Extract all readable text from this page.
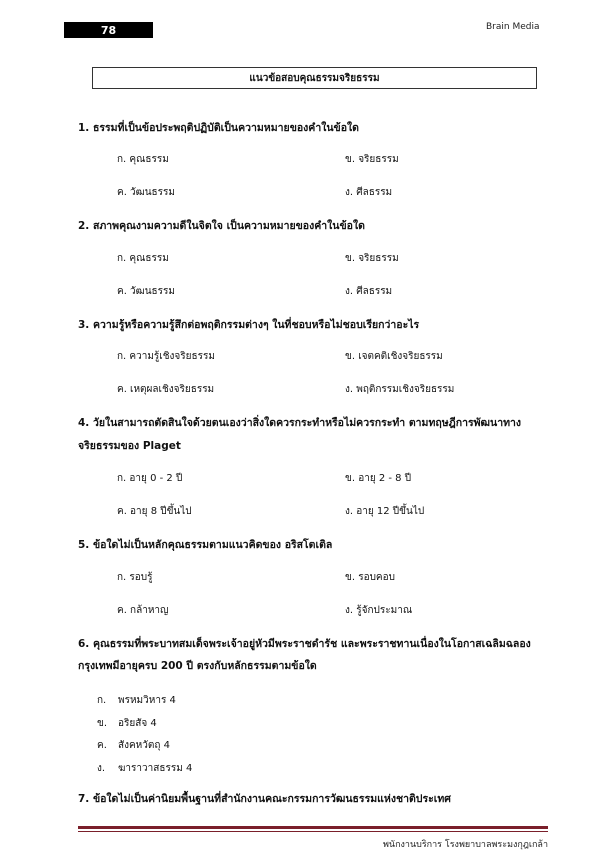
78	Brain Media
แนวข้อสอบคุณธรรมจริยธรรม
1. ธรรมที่เป็นข้อประพฤติปฏิบัติเป็นความหมายของคำในข้อใด
ก. คุณธรรม	ข. จริยธรรม
ค. วัฒนธรรม	ง. ศีลธรรม
2. สภาพคุณงามความดีในจิตใจ เป็นความหมายของคำในข้อใด
ก. คุณธรรม	ข. จริยธรรม
ค. วัฒนธรรม	ง. ศีลธรรม
3. ความรู้หรือความรู้สึกต่อพฤติกรรมต่างๆ ในที่ชอบหรือไม่ชอบเรียกว่าอะไร
ก. ความรู้เชิงจริยธรรม	ข. เจตคติเชิงจริยธรรม
ค. เหตุผลเชิงจริยธรรม	ง. พฤติกรรมเชิงจริยธรรม
4. วัยในสามารถตัดสินใจด้วยตนเองว่าสิ่งใดควรกระทำหรือไม่ควรกระทำ ตามทฤษฎีการพัฒนาทาง
จริยธรรมของ Plaget
ก. อายุ 0 - 2 ปี	ข. อายุ 2 - 8 ปี
ค. อายุ 8 ปีขึ้นไป	ง. อายุ 12 ปีขึ้นไป
5. ข้อใดไม่เป็นหลักคุณธรรมตามแนวคิดของ อริสโตเติล
ก. รอบรู้	ข. รอบคอบ
ค. กล้าหาญ	ง. รู้จักประมาณ
6. คุณธรรมที่พระบาทสมเด็จพระเจ้าอยู่หัวมีพระราชดำรัช และพระราชทานเนื่องในโอกาสเฉลิมฉลอง
กรุงเทพมีอายุครบ 200 ปี ตรงกับหลักธรรมตามข้อใด
ก. พรหมวิหาร 4
ข. อริยสัจ 4
ค. สังคหวัตถุ 4
ง. ฆาราวาสธรรม 4
7. ข้อใดไม่เป็นค่านิยมพื้นฐานที่สำนักงานคณะกรรมการวัฒนธรรมแห่งชาติประเทศ
พนักงานบริการ โรงพยาบาลพระมงกุฎเกล้า
